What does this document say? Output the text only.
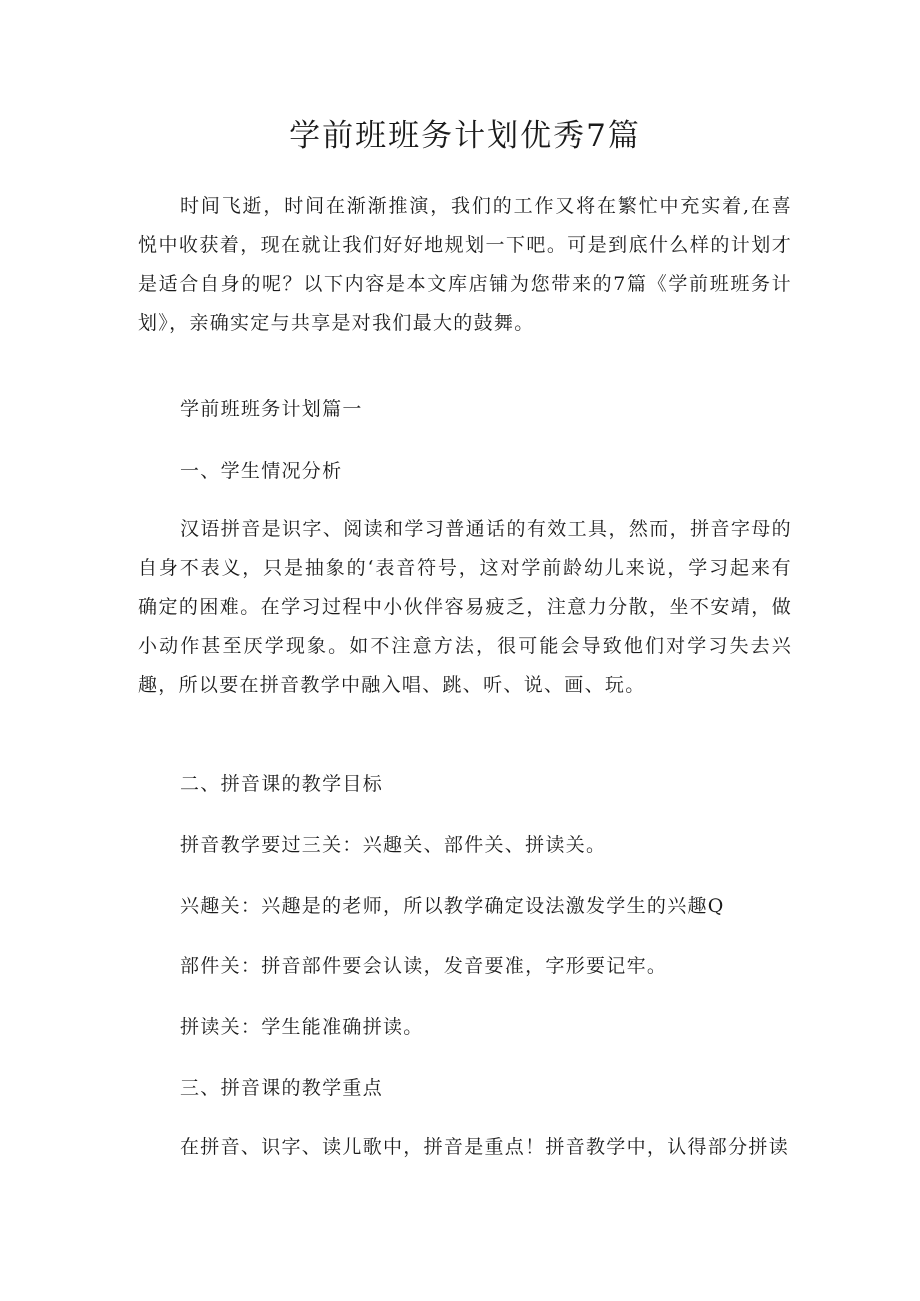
学前班班务计划优秀7篇

时间飞逝，时间在渐渐推演，我们的工作又将在繁忙中充实着,在喜悦中收获着，现在就让我们好好地规划一下吧。可是到底什么样的计划才是适合自身的呢？以下内容是本文库店铺为您带来的7篇《学前班班务计划》，亲确实定与共享是对我们最大的鼓舞。

学前班班务计划篇一

一、学生情况分析

汉语拼音是识字、阅读和学习普通话的有效工具，然而，拼音字母的自身不表义，只是抽象的‘表音符号，这对学前龄幼儿来说，学习起来有确定的困难。在学习过程中小伙伴容易疲乏，注意力分散，坐不安靖，做小动作甚至厌学现象。如不注意方法，很可能会导致他们对学习失去兴趣，所以要在拼音教学中融入唱、跳、听、说、画、玩。

二、拼音课的教学目标

拼音教学要过三关：兴趣关、部件关、拼读关。

兴趣关：兴趣是的老师，所以教学确定设法激发学生的兴趣Q

部件关：拼音部件要会认读，发音要准，字形要记牢。

拼读关：学生能准确拼读。

三、拼音课的教学重点

在拼音、识字、读儿歌中，拼音是重点！拼音教学中，认得部分拼读
